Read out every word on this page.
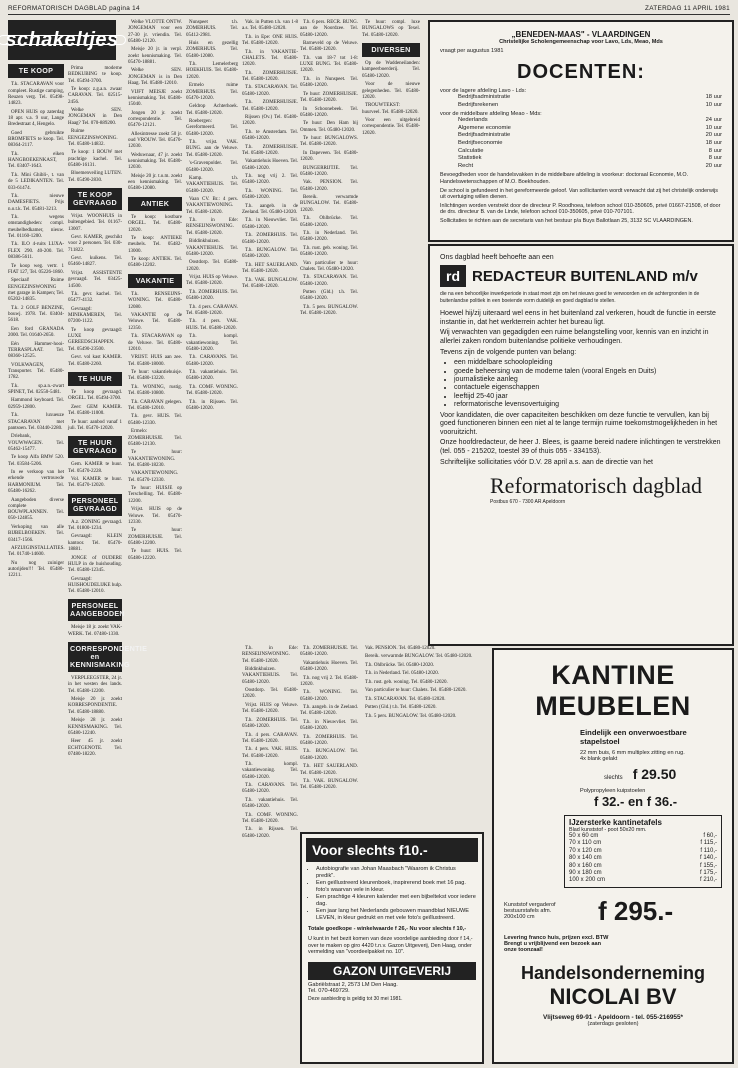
REFORMATORISCH DAGBLAD pagina 14	ZATERDAG 11 APRIL 1981
schakeltjes
TE KOOP

T.k. STACARAVAN voor compleet. Rustige camping, Reuzen verg. Tel. 05498-14823.

OPEN HUIS op zaterdag 18 apr. v.a. 9 uur, Lange Bredestraat 4, Hengelo.

Goed gebruikte BROMFIETS te koop. Tel. 08364-2117.

T.k. eiken HANGBOEKENKAST, Tel. 03407-1643.

T.k. Mini Ghibli-, t. van de 5 LEDIKANTEN. Tel. 033-61474.

T.k. nieuwe DAMESFIETS. Prijs n.o.t.k. Tel. 05481-3213.

T.k. wegens omstandigheden: compl. meubelbedkamer, nieuw. Tel. 01160-1200.

T.k. ILO 4-ruits LUXA-FLEX 290. 40-200. Tel. 08386-5611.

Te koop weg. vertr. 1 FIAT 127, Tel. 05226-1860.

Speciaal! Ruime EENGEZINSWONING met garage in Kampen; Tel. 05202-14835.

T.k. 2 GOLF BENZINE, bouwj. 1978. Tel. 03404-5618.

Een ford GRANADA 2000. Tel. 01640-2650.

Eén Hammer-hooi-TERRASPLAAT. Tel. 08360-12525.

VOLKWAGEN, Transporter. Tel. 05480-1782.

T.k. sp.a.n.-zwart SPINET, Tel. 02550-5481.

Hammond keyboard. Tel. 02959-12800.

T.k. luxueuze STACARAVAN met pantsoen. Tel. 03440-2280.

Driebank, VOUWWAGEN. Tel. 05462-15477.

Te koop Alfa BMW 520. Tel. 03584-5206.

In ee verkoop van het erkende vertrouwde HARMONIUM. Tel. 05480-16262.

Aangeboden diverse complete BOUWPLANNEN. Tel. 050-124855.

Verkoping van alle BIJBELBOEKEN. Tel. 03417-1566.

AFZUIGINSTALLATIES. Tel. 01740-14600.

Nu nog zuiniger autorijden!!! Tel. 05480-12211.

Prima moderne BEDKUBING te koop. Tel. 05494-3700.

Te koop: z.g.a.n. zwaar CARAVAN. Tel. 02515-2456.

Welke SEN. JONGEMAN in Den Haag? Tel. 070-889200.

Ruime EENGEZINSWONING. Tel. 05480-14832.

Te koop: 1 BOUW met prachtige kachel. Tel. 05480-16131.

Bloemenveiling LUTEN. Tel. 05490-2830.

TE KOOP GEVRAAGD

Vrijst. WOONHUIS in buitengebied. Tel. 01167-13007.

Gevr. KAMER, geschikt voor 2 personen. Tel. 030-711822.

Gevr. kuikens. Tel. 05460-14827.

Vrijst. ASSISTENTE gevraagd. Tel. 03425-14500.

T.k. gevr. kachel. Tel. 05477-4132.

Gevraagd: MINIKAMEREN, Tel. 07200-1122.

Te koop gevraagd: LUXE GEREEDSCHAPPEN. Tel. 05490-23500.

Gevr. vol kast KAMER. Tel. 05480-2260.

TE HUUR

Te koop gevraagd. ORGEL. Tel. 05494-3700.

Zeer: GEM KAMER. Tel. 05480-11000.

Te huur: aanbod vanaf 1 juli. Tel. 05470-12020.

TE HUUR GEVRAAGD

Gem. KAMER te huur. Tel. 05470-2228.

Vol. KAMER te huur. Tel. 05470-12020.

PERSONEEL GEVRAAGD

A.z. ZONING gevraagd. Tel. 01800-1234.

Gevraagd: KLEIN kantoor. Tel. 05470-18881.

JONGE of OUDERE HULP in de huishouding. Tel. 05480-12345.

Gevraagd: HUISHOUDELIJKE hulp. Tel. 05480-12010.

PERSONEEL AANGEBODEN

Meisje 18 jr. zoekt VAK-WERK. Tel. 07480-1330.

CORRESPONDENTIE en KENNISMAKING

VERPLEEGSTER, 24 jr. in het westen des lands. Tel. 05480-12200.

Meisje 20 jr. zoekt KORRESPONDENTIE. Tel. 05480-18880.

Meisje 28 jr. zoekt KENNISMAKING. Tel. 05480-12240.

Heer 45 jr. zoekt ECHTGENOTE. Tel. 07480-18220.

Welke VLOTTE ONTW. JONGEMAN voor een 27-30 jr. vriendin. Tel. 05480-12120.

Meisje 20 jr. in verpl. zoekt kennismaking. Tel. 05470-18881.

Welke SEN. JONGEMAN is in Den Haag. Tel. 05480-12010.

VIJFT MEISJE zoekt kennismaking. Tel. 05480-15040.

Jongen 20 jr. zoekt correspondentie. Tel. 05470-12121.

Allesintresse zoekt 50 jr. oud VROUW. Tel. 05470-12030.

Weduwnaar, 47 jr. zoekt kennismaking. Tel. 05480-12030.

Meisje 20 jr. t.o.m. zoekt een kennismaking. Tel. 05480-12080.

ANTIEK

Te koop: kostbare ORGEL. Tel. 05480-12020.

Te koop: ANTIEKE meubels. Tel. 05482-13000.

Te koop: ANTIEK. Tel. 05480-12202.

VAKANTIE

T.k. RENSEIJNS-WONING. Tel. 05480-12080.

VAKANTIE op de Veluwe. Tel. 05480-12350.

T.k. STACARAVAN op de Veluwe. Tel. 05480-12010.

VRIJST. HUIS aan zee. Tel. 05480-18000.

Te huur: vakantiehuisje. Tel. 05480-13220.

T.k. WONING, rustig. Tel. 05480-10800.

T.k. CARAVAN gelegen. Tel. 05480-12010.

T.k. gevr. HUIS. Tel. 05480-12330.

Ermelo: ZOMERHUISJE. Tel. 05480-12130.

Te huur: VAKANTIEWONING. Tel. 05480-18230.

VAKANTIEWONING. Tel. 05470-12330.

Te huur: HUISJE op Terschelling. Tel. 05480-12200.

Vrijst. HUIS op de Veluwe. Tel. 05470-12330.

Te huur: ZOMERHUISJE. Tel. 05480-12200.

Te huur: HUIS. Tel. 05480-12220.

Nunspeet t.h. ZOMERHUIS. Tel. 05412-2981.

Huis en gezellig ZOMERHUIS. Tel. 05480-12080.

T.h. Lemelerberg HOEKHUIS. Tel. 05480-12020.

Ermelo ruime ZOMERHUIS. Tel. 05470-12020.

Geldrop Achterhoek. Tel. 05480-12020.

Roebergen: Gereformeerd. Tel. 05480-12020.

T.h. vrijst. VAK. BUNG. aan de Veluwe. Tel. 05480-12020.

's-Gravenpolder. Tel. 05480-12020.

Kamp. t.h. VAKANTIEHUIS. Tel. 05480-12020.

Vaan CV. Br.: 4 pers. VAKANTIEWONING. Tel. 05480-12020.

T.h. in Ede: RENSEIJNSWONING. Tel. 05480-12020.

Biddinkhuizen. VAKANTIEHUIS. Tel. 05480-12020.

Oostdorp. Tel. 05480-12020.

Vrijst. HUIS op Veluwe. Tel. 05480-12020.

T.h. ZOMERHUIS. Tel. 05480-12020.

T.h. 4 pers. CARAVAN. Tel. 05480-12020.

T.h. 4 pers. VAK. HUIS. Tel. 05480-12020.

T.h. kompl. vakantiewoning. Tel. 05480-12020.

T.h. CARAVANS. Tel. 05480-12020.

T.h. vakantiehuis. Tel. 05480-12020.

T.h. COMF. WONING. Tel. 05480-12020.

T.h. in Rijssen. Tel. 05480-12020.

Vak. in Putten t.h. van 1-8 a.s. Tel. 05480-12020.

T.h. in Epe: ONE HUIS. Tel. 05480-12020.

T.h. in VAKANTIE-CHALETS. Tel. 05480-12020.

T.h. ZOMERHUISJE. Tel. 05480-12020.

T.h. STACARAVAN. Tel. 05480-12020.

T.h. ZOMERHUISJE. Tel. 05480-12020.

Rijssen (Ov.) Tel. 05480-12020.

T.h. te Amsterdam. Tel. 05480-12020.

T.h. ZOMERHUISJE. Tel. 05480-12020.

Vakantiehuis Hoeven. Tel. 05480-12020.

T.h. nog vrij 2. Tel. 05480-12020.

T.h. WONING. Tel. 05480-12020.

T.h. aangeb. in de Zeeland. Tel. 05480-12020.

T.h. in Nieuwvliet. Tel. 05480-12020.

T.h. ZOMERHUIS. Tel. 05480-12020.

T.h. BUNGALOW. Tel. 05480-12020.

T.h. HET SAUERLAND. Tel. 05480-12020.

T.h. VAK. BUNGALOW. Tel. 05480-12020.

T.h. 6 pers. RECR. BUNG. aan de Noordzee. Tel. 05480-12020.

Barneveld op de Veluwe. Tel. 05480-12020.

T.h. van 18-7 tot 1-8: LUXE BUNG. Tel. 05480-12020.

T.h. in Nunspeet. Tel. 05480-12020.

Te huur: ZOMERHUISJE. Tel. 05480-12020.

In Schoonebeek. Tel. 05480-12020.

Te huur: Den Ham bij Ommen. Tel. 05480-12020.

Te huur: BUNGALOWS. Tel. 05480-12020.

In Dapeveen. Tel. 05480-12020.

BUNGERRIJTJE. Tel. 05480-12020.

Vak. PENSION. Tel. 05480-12020.

Bereik. verwarmde BUNGALOW. Tel. 05480-12020.

T.h. Ohlbrücke. Tel. 05480-12020.

T.h. in Nederland. Tel. 05480-12020.

T.h. rust. geb. woning. Tel. 05480-12020.

Van particulier te huur: Chalets. Tel. 05480-12020.

T.h. STACARAVAN. Tel. 05480-12020.

Putten (Gld.) t.h. Tel. 05480-12020.

T.h. 5 pers. BUNGALOW. Tel. 05480-12020.

Te huur: compl. luxe BUNGALOWS op Texel. Tel. 05480-12020.

DIVERSEN

Op de Waddeneilanden: kampeerboerderij. Tel. 05480-12020.

Voor de nieuwe gelegenheden. Tel. 05480-12020.

TROUWTEKST: huurveel. Tel. 05480-12020.

Voor een uitgebreid correspondentie. Tel. 05480-12020.

„BENEDEN-MAAS" - VLAARDINGEN
Christelijke Scholengemeenschap voor Lavo, Lds, Meao, Mds
vraagt per augustus 1981
DOCENTEN:
voor de lagere afdeling Lavo - Lds:
Bedrijfsadministratie	18 uur
Bedrijfsrekenen	10 uur
voor de middelbare afdeling Meao - Mds:
Nederlands	24 uur
Algemene economie	10 uur
Bedrijfsadministratie	20 uur
Bedrijfseconomie	18 uur
Calculatie	8 uur
Statistiek	8 uur
Recht	20 uur
Bevoegdheden voor de handelsvakken in de middelbare afdeling is voorkeur: doctoraal Economie, M.O. Handelswetenschappen of M.O. Boekhouden.
De school is gefundeerd in het gereformeerde geloof. Van sollicitanten wordt verwacht dat zij het christelijk onderwijs uit overtuiging willen dienen.
Inlichtingen worden verstrekt door de directeur P. Roodhoea, telefoon school 010-350605, privé 01667-21508, of door de drs. directeur B. van de Linde, telefoon school 010-350605, privé 010-707101.
Sollicitaties te richten aan de secretaris van het bestuur p/a Buys Ballotlaan 25, 3132 SC VLAARDINGEN.
Ons dagblad heeft behoefte aan een
rd REDACTEUR BUITENLAND m/v
die na een behoorlijke inwerkperiode in staat moet zijn om het nieuws goed te verwoorden en de achtergronden in de buitenlandse politiek in een boeiende vorm duidelijk en goed dagblad te stellen.
Hoewel hij/zij uiteraard wel eens in het buitenland zal verkeren, houdt de functie in eerste instantie in, dat het werkterrein achter het bureau ligt.
Wij verwachten van gegadigden een ruime belangstelling voor, kennis van en inzicht in allerlei zaken rondom buitenlandse politieke verhoudingen.
Tevens zijn de volgende punten van belang:
• een middelbare schoolopleiding
• goede beheersing van de moderne talen (vooral Engels en Duits)
• journalistieke aanleg
• contactuele eigenschappen
• leeftijd 25-40 jaar
• reformatorische levensovertuiging
Voor kandidaten, die over capaciteiten beschikken om deze functie te vervullen, kan bij goed functioneren binnen een niet al te lange termijn ruime toekomstmogelijkheden in het vooruitzicht.
Onze hoofdredacteur, de heer J. Blees, is gaarne bereid nadere inlichtingen te verstrekken (tel. 055 - 215202, toestel 39 of thuis 055 - 334153).
Schriftelijke sollicitaties vóór D.V. 28 april a.s. aan de directie van het
Reformatorisch dagblad
Postbus 670 - 7300 AR Apeldoorn
Voor slechts f10.-
• Autobiografie van Johan Maasbach "Waarom ik Christus predik".
• Een geïllustreerd kleurenboek, inspirerend boek met 16 pag. foto's waarvan vele in kleur.
• Een prachtige 4 kleuren kalender met een bijbeltekst voor iedere dag.
• Een jaar lang het Nederlands gebouwen maandblad NIEUWE LEVEN, in kleur gedrukt en met vele foto's geïllustreerd.
Totale goedkope - winkelwaarde f 26,- Nu voor slechts f 10,-
U kunt in het bezit komen van deze voordelige aanbieding door f 14,- over te maken op giro 4420 t.n.v. Gazon Uitgeverij, Den Haag, onder vermelding van "voordeelpakket no. 10".
GAZON UITGEVERIJ
Gabriëlstraat 2, 2573 LM Den Haag.
Tel. 070-469729.
Deze aanbieding is geldig tot 30 mei 1981.
KANTINE MEUBELEN
Eindelijk een onverwoestbare
stapelstoel
22 mm buis, 6 mm multiplex zitting en rug.
4x blank gelakt
slechts f 29.50
Polypropyleen kuipstoelen
f 32.- en f 36.-
IJzersterke kantinetafels
Blad kunststof - poot 50x20 mm.
50 x 60 cm	f 60,-
70 x 110 cm	f 115,-
70 x 120 cm	f 110,-
80 x 140 cm	f 140,-
80 x 160 cm	f 155,-
90 x 180 cm	f 175,-
100 x 200 cm	f 210,-
Kunststof vergaderof
bestuurstafels afm.
200x100 cm	f 295.-
Levering franco huis, prijzen excl. BTW
Brengt u vrijblijvend een bezoek aan onze toonzaal!
Handelsonderneming
NICOLAI BV
Vlijtseweg 69-91 - Apeldoorn - tel. 055-216955*
(zaterdags gesloten)

T.h. in Ede: RENSEIJNSWONING. Tel. 05480-12020.

Biddinkhuizen. VAKANTIEHUIS. Tel. 05480-12020.

Oostdorp. Tel. 05480-12020.

Vrijst. HUIS op Veluwe. Tel. 05480-12020.

T.h. ZOMERHUIS. Tel. 05480-12020.

T.h. 4 pers. CARAVAN. Tel. 05480-12020.

T.h. 4 pers. VAK. HUIS. Tel. 05480-12020.

T.h. kompl. vakantiewoning. Tel. 05480-12020.

T.h. CARAVANS. Tel. 05480-12020.

T.h. vakantiehuis. Tel. 05480-12020.

T.h. COMF. WONING. Tel. 05480-12020.

T.h. in Rijssen. Tel. 05480-12020.

T.h. ZOMERHUISJE. Tel. 05480-12020.

Vakantiehuis Hoeven. Tel. 05480-12020.

T.h. nog vrij 2. Tel. 05480-12020.

T.h. WONING. Tel. 05480-12020.

T.h. aangeb. in de Zeeland. Tel. 05480-12020.

T.h. in Nieuwvliet. Tel. 05480-12020.

T.h. ZOMERHUIS. Tel. 05480-12020.

T.h. BUNGALOW. Tel. 05480-12020.

T.h. HET SAUERLAND. Tel. 05480-12020.

T.h. VAK. BUNGALOW. Tel. 05480-12020.

Vak. PENSION. Tel. 05480-12020.

Bereik. verwarmde BUNGALOW. Tel. 05480-12020.

T.h. Ohlbrücke. Tel. 05480-12020.

T.h. in Nederland. Tel. 05480-12020.

T.h. rust. geb. woning. Tel. 05480-12020.

Van particulier te huur: Chalets. Tel. 05480-12020.

T.h. STACARAVAN. Tel. 05480-12020.

Putten (Gld.) t.h. Tel. 05480-12020.

T.h. 5 pers. BUNGALOW. Tel. 05480-12020.
